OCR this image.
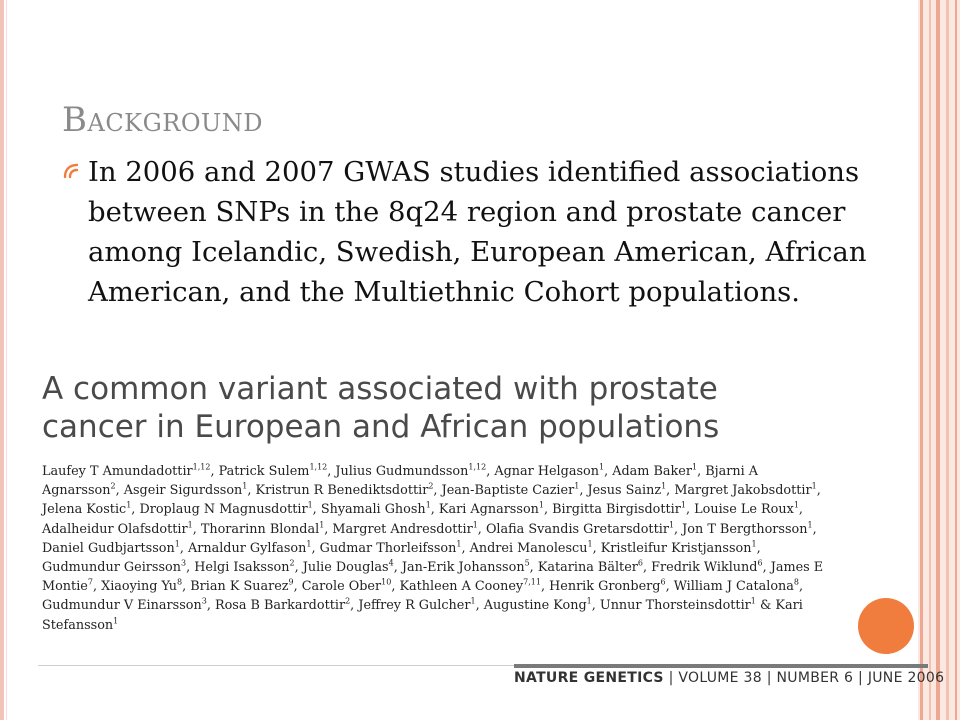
Background

In 2006 and 2007 GWAS studies identified associations between SNPs in the 8q24 region and prostate cancer among Icelandic, Swedish, European American, African American, and the Multiethnic Cohort populations.

A common variant associated with prostate cancer in European and African populations

Laufey T Amundadottir$^{1,12}$, Patrick Sulem$^{1,12}$, Julius Gudmundsson$^{1,12}$, Agnar Helgason$^1$, Adam Baker$^1$, Bjarni A Agnarsson$^2$, Asgeir Sigurdsson$^1$, Kristrun R Benediktsdottir$^2$, Jean-Baptiste Cazier$^1$, Jesus Sainz$^1$, Margret Jakobsdottir$^1$, Jelena Kostic$^1$, Droplaug N Magnusdottir$^1$, Shyamali Ghosh$^1$, Kari Agnarsson$^1$, Birgitta Birgisdottir$^1$, Louise Le Roux$^1$, Adalheidur Olafsdottir$^1$, Thorarinn Blondal$^1$, Margret Andresdottir$^1$, Olafia Svandis Gretarsdottir$^1$, Jon T Bergthorsson$^1$, Daniel Gudbjartsson$^1$, Arnaldur Gylfason$^1$, Gudmar Thorleifsson$^1$, Andrei Manolescu$^1$, Kristleifur Kristjansson$^1$, Gudmundur Geirsson$^3$, Helgi Isaksson$^2$, Julie Douglas$^4$, Jan-Erik Johansson$^5$, Katarina Bälter$^6$, Fredrik Wiklund$^6$, James E Montie$^7$, Xiaoying Yu$^8$, Brian K Suarez$^9$, Carole Ober$^{10}$, Kathleen A Cooney$^{7,11}$, Henrik Gronberg$^6$, William J Catalona$^8$, Gudmundur V Einarsson$^3$, Rosa B Barkardottir$^2$, Jeffrey R Gulcher$^1$, Augustine Kong$^1$, Unnur Thorsteinsdottir$^1$ & Kari Stefansson$^1$

NATURE GENETICS | VOLUME 38 | NUMBER 6 | JUNE 2006
